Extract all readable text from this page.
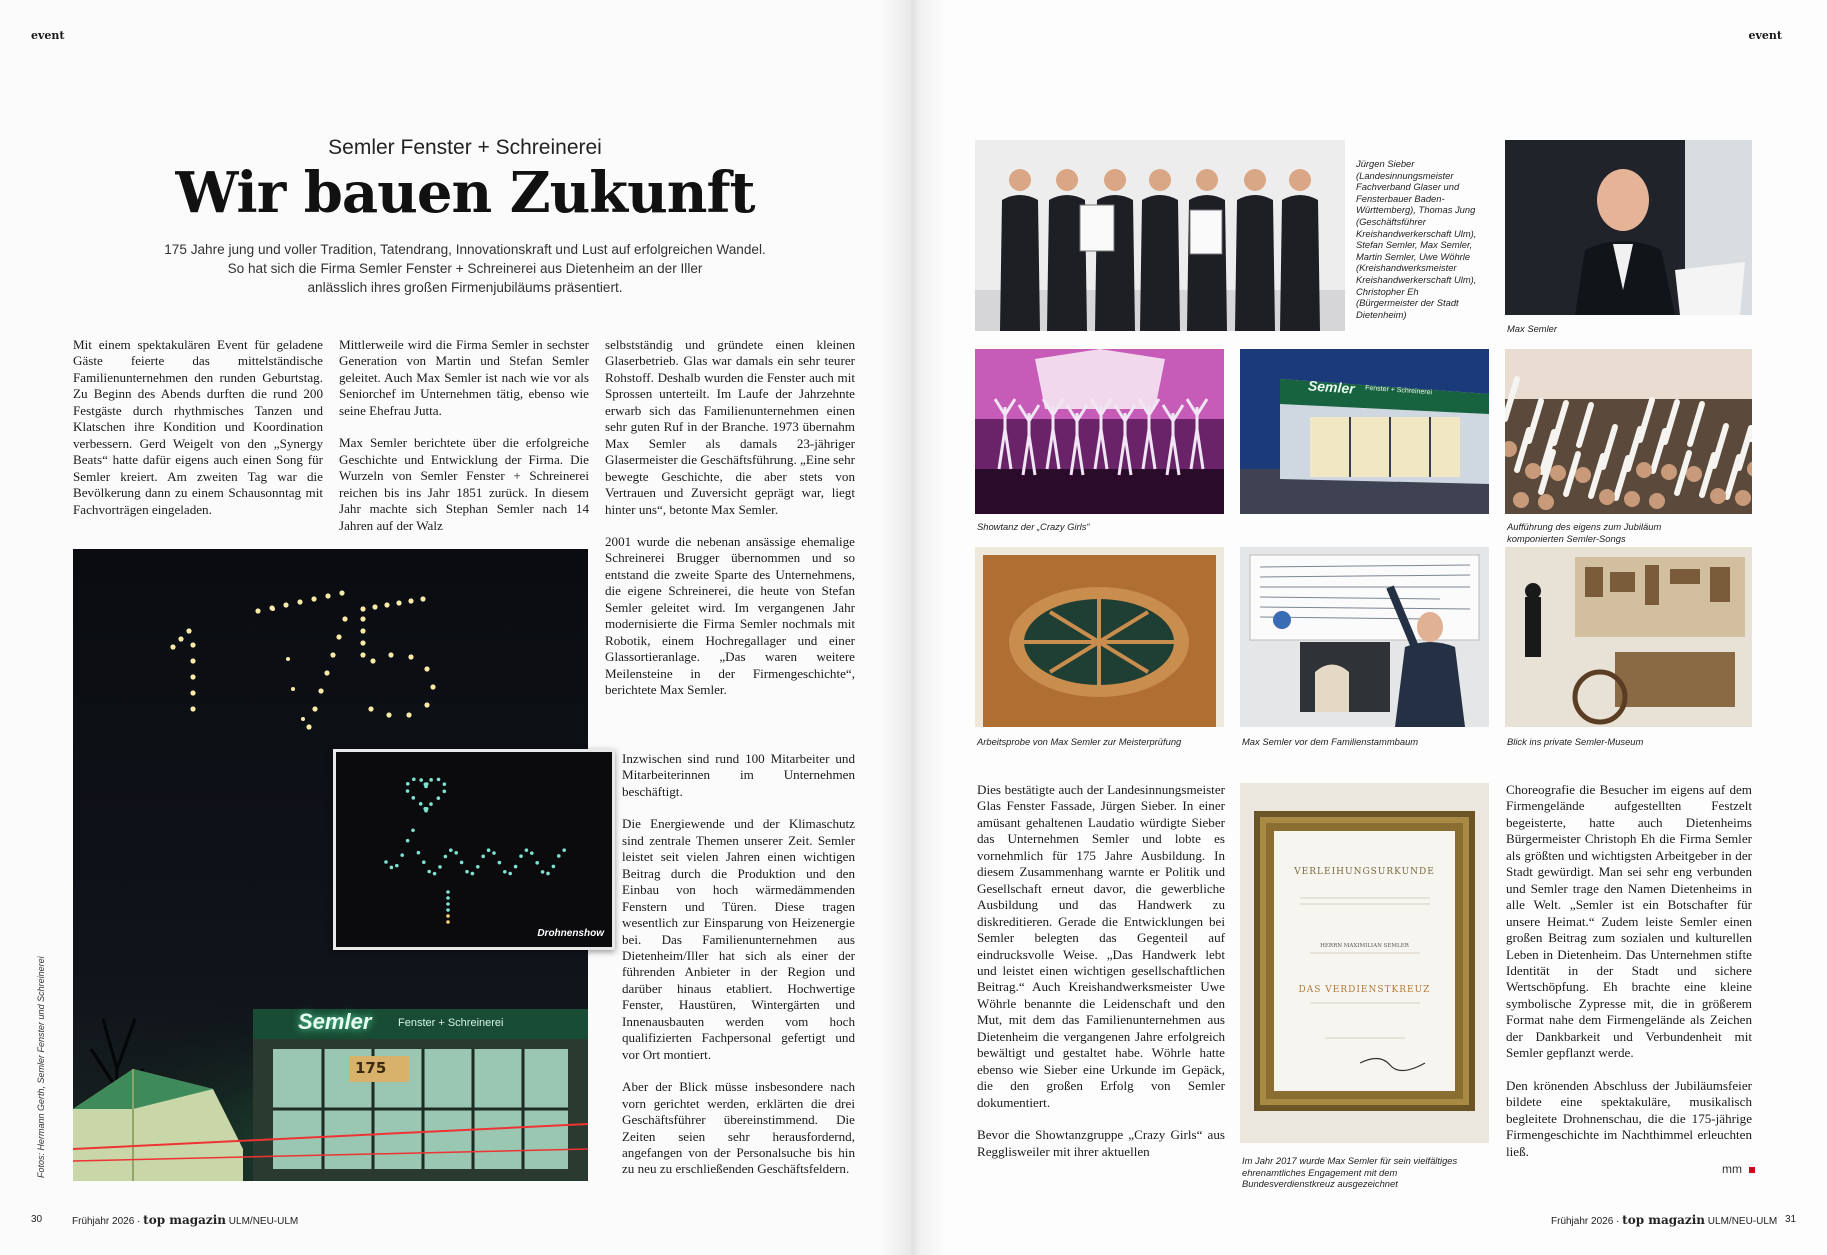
event	event
Semler Fenster + Schreinerei
Wir bauen Zukunft
175 Jahre jung und voller Tradition, Tatendrang, Innovationskraft und Lust auf erfolgreichen Wandel.
So hat sich die Firma Semler Fenster + Schreinerei aus Dietenheim an der Iller
anlässlich ihres großen Firmenjubiläums präsentiert.

Mit einem spektakulären Event für geladene Gäste feierte das mittelständische Familienunternehmen den runden Geburtstag. Zu Beginn des Abends durften die rund 200 Festgäste durch rhythmisches Tanzen und Klatschen ihre Kondition und Koordination verbessern. Gerd Weigelt von den „Synergy Beats“ hatte dafür eigens auch einen Song für Semler kreiert. Am zweiten Tag war die Bevölkerung dann zu einem Schausonntag mit Fachvorträgen eingeladen.

Mittlerweile wird die Firma Semler in sechster Generation von Martin und Stefan Semler geleitet. Auch Max Semler ist nach wie vor als Seniorchef im Unternehmen tätig, ebenso wie seine Ehefrau Jutta.

Max Semler berichtete über die erfolgreiche Geschichte und Entwicklung der Firma. Die Wurzeln von Semler Fenster + Schreinerei reichen bis ins Jahr 1851 zurück. In diesem Jahr machte sich Stephan Semler nach 14 Jahren auf der Walz

selbstständig und gründete einen kleinen Glaserbetrieb. Glas war damals ein sehr teurer Rohstoff. Deshalb wurden die Fenster auch mit Sprossen unterteilt. Im Laufe der Jahrzehnte erwarb sich das Familienunternehmen einen sehr guten Ruf in der Branche. 1973 übernahm Max Semler als damals 23-jähriger Glasermeister die Geschäftsführung. „Eine sehr bewegte Geschichte, die aber stets von Vertrauen und Zuversicht geprägt war, liegt hinter uns“, betonte Max Semler.

2001 wurde die nebenan ansässige ehemalige Schreinerei Brugger übernommen und so entstand die zweite Sparte des Unternehmens, die eigene Schreinerei, die heute von Stefan Semler geleitet wird. Im vergangenen Jahr modernisierte die Firma Semler nochmals mit Robotik, einem Hochregallager und einer Glassortieranlage. „Das waren weitere Meilensteine in der Firmengeschichte“, berichtete Max Semler.

Inzwischen sind rund 100 Mitarbeiter und Mitarbeiterinnen im Unternehmen beschäftigt.

Die Energiewende und der Klimaschutz sind zentrale Themen unserer Zeit. Semler leistet seit vielen Jahren einen wichtigen Beitrag durch die Produktion und den Einbau von hoch wärmedämmenden Fenstern und Türen. Diese tragen wesentlich zur Einsparung von Heizenergie bei. Das Familienunternehmen aus Dietenheim/Iller hat sich als einer der führenden Anbieter in der Region und darüber hinaus etabliert. Hochwertige Fenster, Haustüren, Wintergärten und Innenausbauten werden vom hoch qualifizierten Fachpersonal gefertigt und vor Ort montiert.

Aber der Blick müsse insbesondere nach vorn gerichtet werden, erklärten die drei Geschäftsführer übereinstimmend. Die Zeiten seien sehr herausfordernd, angefangen von der Personalsuche bis hin zu neu zu erschließenden Geschäftsfeldern.

Semler Fenster + Schreinerei
175
Drohnenshow
Fotos: Hermann Gerth, Semler Fenster und Schreinerei
Jürgen Sieber (Landesinnungsmeister Fachverband Glaser und Fensterbauer Baden-Württemberg), Thomas Jung (Geschäftsführer Kreishandwerkerschaft Ulm), Stefan Semler, Max Semler, Martin Semler, Uwe Wöhrle (Kreishandwerksmeister Kreishandwerkerschaft Ulm), Christopher Eh (Bürgermeister der Stadt Dietenheim)
Max Semler
Showtanz der „Crazy Girls“
Semler Fenster + Schreinerei
Aufführung des eigens zum Jubiläum komponierten Semler-Songs
Arbeitsprobe von Max Semler zur Meisterprüfung	Max Semler vor dem Familienstammbaum	Blick ins private Semler-Museum
VERLEIHUNGSURKUNDE
HERRN MAXIMILIAN SEMLER
DAS VERDIENSTKREUZ
Im Jahr 2017 wurde Max Semler für sein vielfältiges ehrenamtliches Engagement mit dem Bundesverdienstkreuz ausgezeichnet

Dies bestätigte auch der Landesinnungsmeister Glas Fenster Fassade, Jürgen Sieber. In einer amüsant gehaltenen Laudatio würdigte Sieber das Unternehmen Semler und lobte es vornehmlich für 175 Jahre Ausbildung. In diesem Zusammenhang warnte er Politik und Gesellschaft erneut davor, die gewerbliche Ausbildung und das Handwerk zu diskreditieren. Gerade die Entwicklungen bei Semler belegten das Gegenteil auf eindrucksvolle Weise. „Das Handwerk lebt und leistet einen wichtigen gesellschaftlichen Beitrag.“ Auch Kreishandwerksmeister Uwe Wöhrle benannte die Leidenschaft und den Mut, mit dem das Familienunternehmen aus Dietenheim die vergangenen Jahre erfolgreich bewältigt und gestaltet habe. Wöhrle hatte ebenso wie Sieber eine Urkunde im Gepäck, die den großen Erfolg von Semler dokumentiert.

Bevor die Showtanzgruppe „Crazy Girls“ aus Regglisweiler mit ihrer aktuellen

Choreografie die Besucher im eigens auf dem Firmengelände aufgestellten Festzelt begeisterte, hatte auch Dietenheims Bürgermeister Christoph Eh die Firma Semler als größten und wichtigsten Arbeitgeber in der Stadt gewürdigt. Man sei sehr eng verbunden und Semler trage den Namen Dietenheims in alle Welt. „Semler ist ein Botschafter für unsere Heimat.“ Zudem leiste Semler einen großen Beitrag zum sozialen und kulturellen Leben in Dietenheim. Das Unternehmen stifte Identität in der Stadt und sichere Wertschöpfung. Eh brachte eine kleine symbolische Zypresse mit, die in größerem Format nahe dem Firmengelände als Zeichen der Dankbarkeit und Verbundenheit mit Semler gepflanzt werde.

Den krönenden Abschluss der Jubiläumsfeier bildete eine spektakuläre, musikalisch begleitete Drohnenschau, die die 175-jährige Firmengeschichte im Nachthimmel erleuchten ließ.

mm
30	Frühjahr 2026 · top magazin ULM/NEU-ULM	Frühjahr 2026 · top magazin ULM/NEU-ULM 31
